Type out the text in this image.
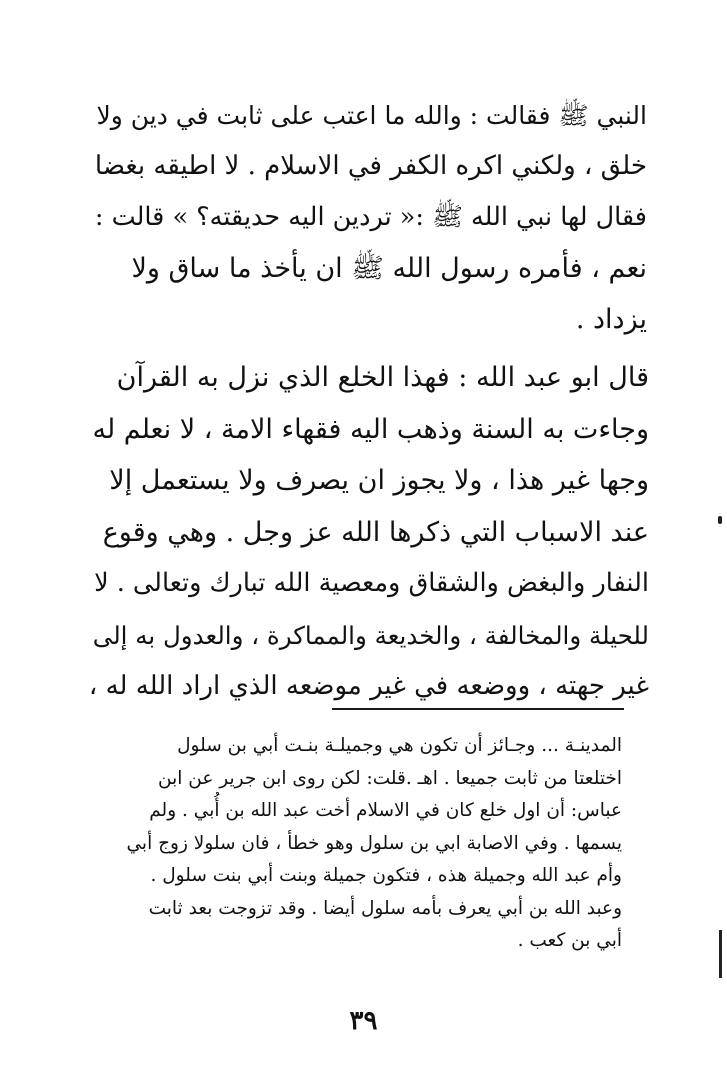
النبي ﷺ فقالت : والله ما اعتب على ثابت في دين ولا
خلق ، ولكني اكره الكفر في الاسلام . لا اطيقه بغضا
فقال لها نبي الله ﷺ :« تردين اليه حديقته؟ » قالت :
نعم ، فأمره رسول الله ﷺ ان يأخذ ما ساق ولا
يزداد .
قال ابو عبد الله : فهذا الخلع الذي نزل به القرآن
وجاءت به السنة وذهب اليه فقهاء الامة ، لا نعلم له
وجها غير هذا ، ولا يجوز ان يصرف ولا يستعمل إلا
عند الاسباب التي ذكرها الله عز وجل . وهي وقوع
النفار والبغض والشقاق ومعصية الله تبارك وتعالى . لا
للحيلة والمخالفة ، والخديعة والمماكرة ، والعدول به إلى
غير جهته ، ووضعه في غير موضعه الذي اراد الله له ،
المدينـة ... وجـائز أن تكون هي وجميلـة بنـت أبي بن سلول
اختلعتا من ثابت جميعا . اهـ .قلت: لكن روى ابن جرير عن ابن
عباس: أن اول خلع كان في الاسلام أخت عبد الله بن أُبي . ولم
يسمها . وفي الاصابة ابي بن سلول وهو خطأ ، فان سلولا زوج أبي
وأم عبد الله وجميلة هذه ، فتكون جميلة وبنت أبي بنت سلول .
وعبد الله بن أبي يعرف بأمه سلول أيضا . وقد تزوجت بعد ثابت
أبي بن كعب .
٣٩
